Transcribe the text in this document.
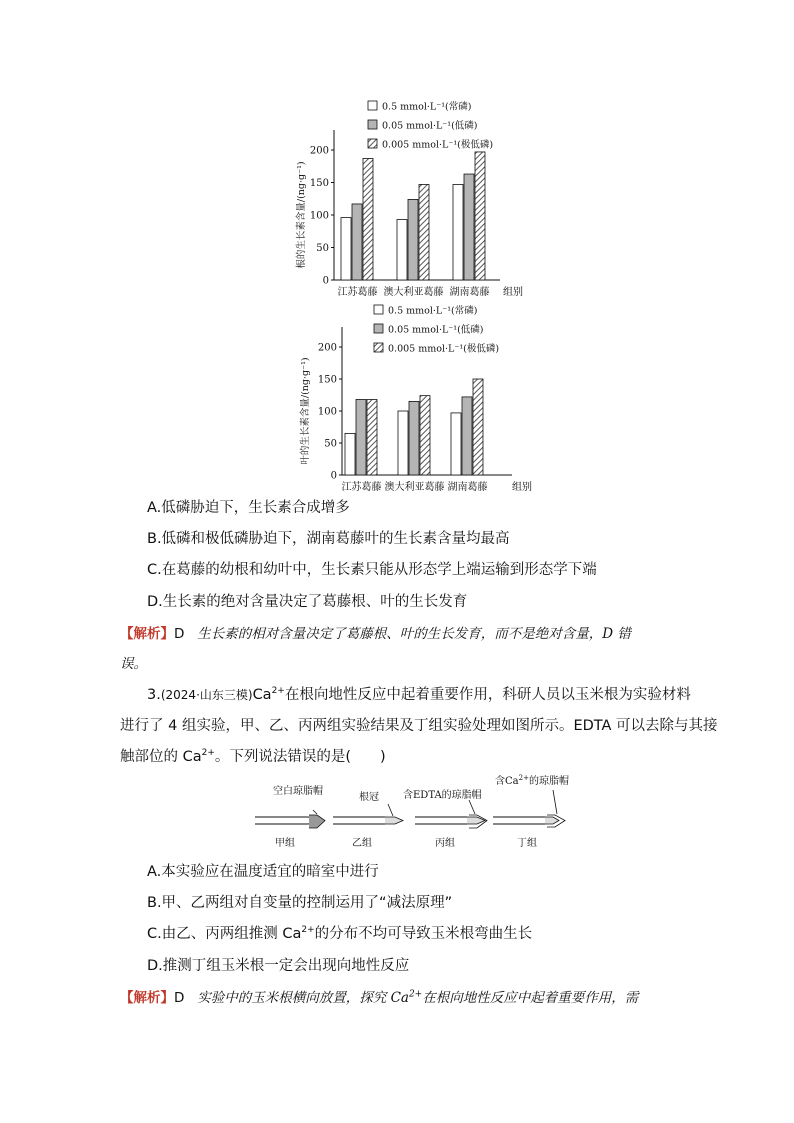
0.5 mmol·L⁻¹(常磷)
0.05 mmol·L⁻¹(低磷)
0.005 mmol·L⁻¹(极低磷)
0
50
100
150
200
根的生长素含量/(ng·g⁻¹)
江苏葛藤 澳大利亚葛藤 湖南葛藤 组别
0.5 mmol·L⁻¹(常磷)
0.05 mmol·L⁻¹(低磷)
0.005 mmol·L⁻¹(极低磷)
0
50
100
150
200
叶的生长素含量/(ng·g⁻¹)
江苏葛藤 澳大利亚葛藤 湖南葛藤 组别
A.低磷胁迫下，生长素合成增多
B.低磷和极低磷胁迫下，湖南葛藤叶的生长素含量均最高
C.在葛藤的幼根和幼叶中，生长素只能从形态学上端运输到形态学下端
D.生长素的绝对含量决定了葛藤根、叶的生长发育
【解析】D 生长素的相对含量决定了葛藤根、叶的生长发育，而不是绝对含量，D 错
误。
3.(2024·山东三模)$Ca^{2+}$在根向地性反应中起着重要作用，科研人员以玉米根为实验材料
进行了 4 组实验，甲、乙、丙两组实验结果及丁组实验处理如图所示。EDTA 可以去除与其接
触部位的 $Ca^{2+}$。下列说法错误的是(　　)
空白琼脂帽
甲组
根冠
乙组
含EDTA的琼脂帽
丙组
含$Ca^{2+}$的琼脂帽
丁组
A.本实验应在温度适宜的暗室中进行
B.甲、乙两组对自变量的控制运用了“减法原理”
C.由乙、丙两组推测 $Ca^{2+}$的分布不均可导致玉米根弯曲生长
D.推测丁组玉米根一定会出现向地性反应
【解析】D 实验中的玉米根横向放置，探究 $Ca^{2+}$在根向地性反应中起着重要作用，需
